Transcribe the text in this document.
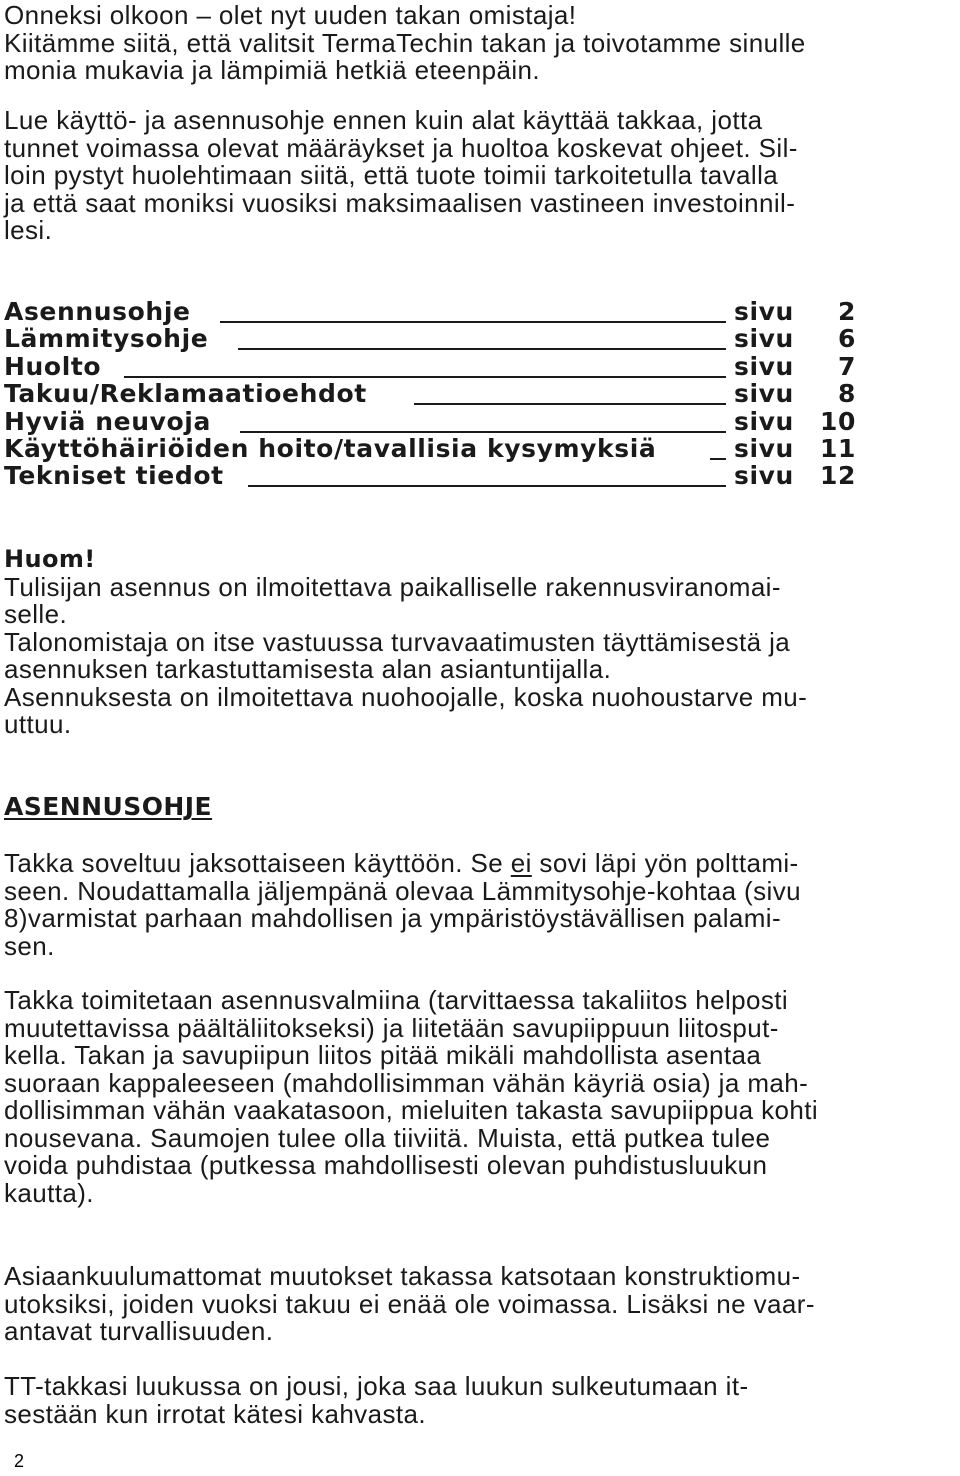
Onneksi olkoon – olet nyt uuden takan omistaja!
Kiitämme siitä, että valitsit TermaTechin takan ja toivotamme sinulle
monia mukavia ja lämpimiä hetkiä eteenpäin.
Lue käyttö- ja asennusohje ennen kuin alat käyttää takkaa, jotta
tunnet voimassa olevat määräykset ja huoltoa koskevat ohjeet. Sil-
loin pystyt huolehtimaan siitä, että tuote toimii tarkoitetulla tavalla
ja että saat moniksi vuosiksi maksimaalisen vastineen investoinnil-
lesi.
Asennusohje	sivu 2
Lämmitysohje	sivu 6
Huolto	sivu 7
Takuu/Reklamaatioehdot	sivu 8
Hyviä neuvoja	sivu 10
Käyttöhäiriöiden hoito/tavallisia kysymyksiä	sivu 11
Tekniset tiedot	sivu 12
Huom!
Tulisijan asennus on ilmoitettava paikalliselle rakennusviranomai-
selle.
Talonomistaja on itse vastuussa turvavaatimusten täyttämisestä ja
asennuksen tarkastuttamisesta alan asiantuntijalla.
Asennuksesta on ilmoitettava nuohoojalle, koska nuohoustarve mu-
uttuu.
ASENNUSOHJE
Takka soveltuu jaksottaiseen käyttöön. Se ei sovi läpi yön polttami-
seen. Noudattamalla jäljempänä olevaa Lämmitysohje-kohtaa (sivu
8)varmistat parhaan mahdollisen ja ympäristöystävällisen palami-
sen.
Takka toimitetaan asennusvalmiina (tarvittaessa takaliitos helposti
muutettavissa päältäliitokseksi) ja liitetään savupiippuun liitosput-
kella. Takan ja savupiipun liitos pitää mikäli mahdollista asentaa
suoraan kappaleeseen (mahdollisimman vähän käyriä osia) ja mah-
dollisimman vähän vaakatasoon, mieluiten takasta savupiippua kohti
nousevana. Saumojen tulee olla tiiviitä. Muista, että putkea tulee
voida puhdistaa (putkessa mahdollisesti olevan puhdistusluukun
kautta).
Asiaankuulumattomat muutokset takassa katsotaan konstruktiomu-
utoksiksi, joiden vuoksi takuu ei enää ole voimassa. Lisäksi ne vaar-
antavat turvallisuuden.
TT-takkasi luukussa on jousi, joka saa luukun sulkeutumaan it-
sestään kun irrotat kätesi kahvasta.
2
